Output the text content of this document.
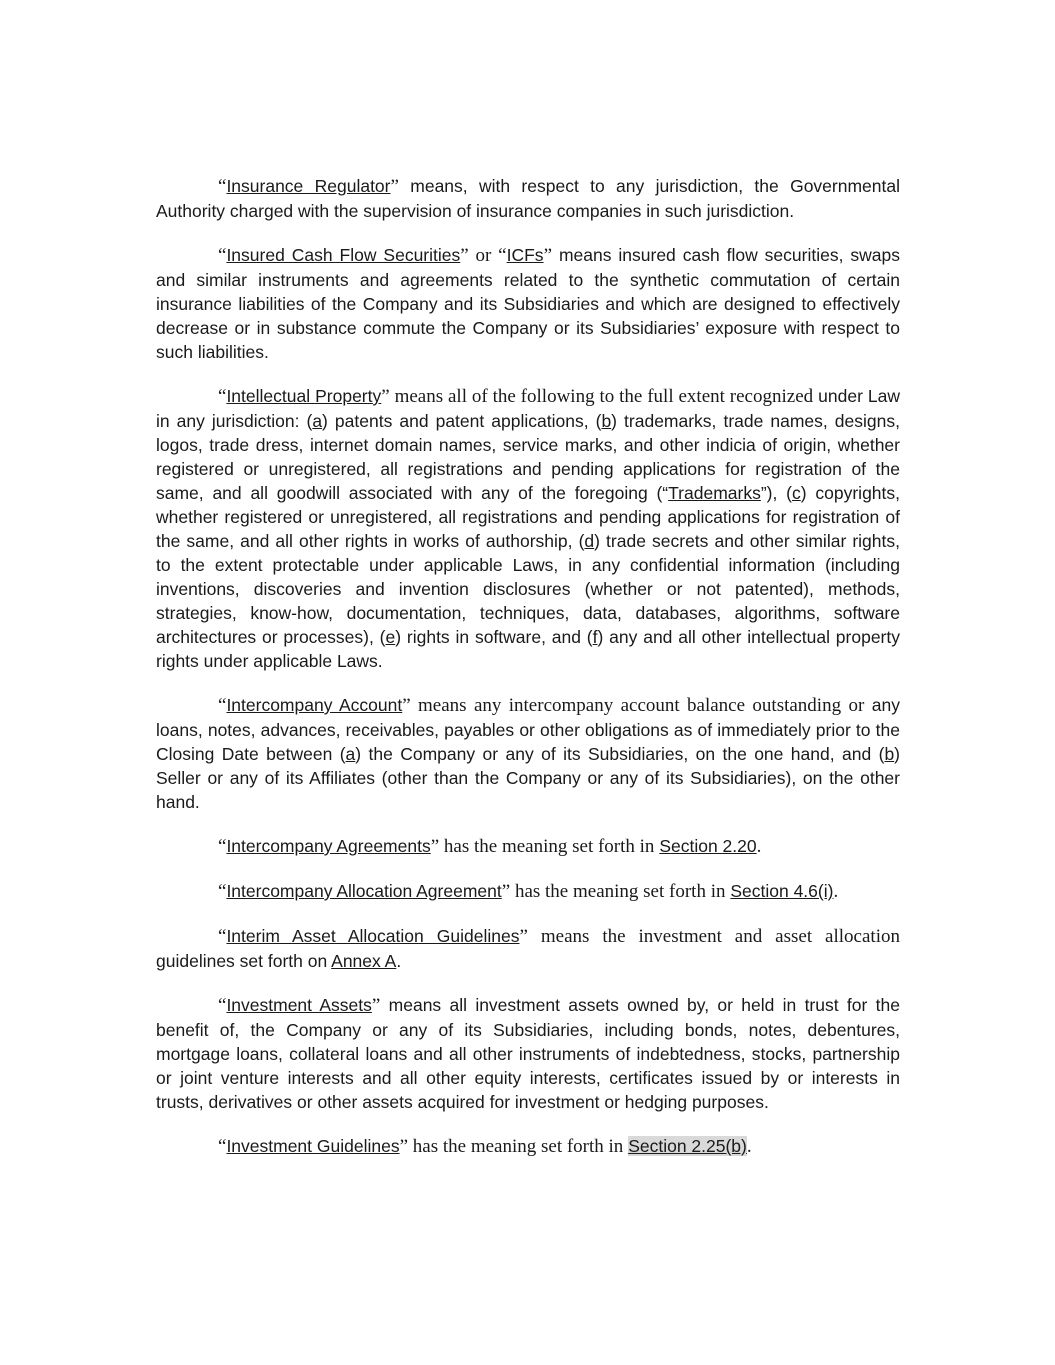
“Insurance Regulator” means, with respect to any jurisdiction, the Governmental Authority charged with the supervision of insurance companies in such jurisdiction.

“Insured Cash Flow Securities” or “ICFs” means insured cash flow securities, swaps and similar instruments and agreements related to the synthetic commutation of certain insurance liabilities of the Company and its Subsidiaries and which are designed to effectively decrease or in substance commute the Company or its Subsidiaries’ exposure with respect to such liabilities.

“Intellectual Property” means all of the following to the full extent recognized under Law in any jurisdiction: (a) patents and patent applications, (b) trademarks, trade names, designs, logos, trade dress, internet domain names, service marks, and other indicia of origin, whether registered or unregistered, all registrations and pending applications for registration of the same, and all goodwill associated with any of the foregoing (“Trademarks”), (c) copyrights, whether registered or unregistered, all registrations and pending applications for registration of the same, and all other rights in works of authorship, (d) trade secrets and other similar rights, to the extent protectable under applicable Laws, in any confidential information (including inventions, discoveries and invention disclosures (whether or not patented), methods, strategies, know-how, documentation, techniques, data, databases, algorithms, software architectures or processes), (e) rights in software, and (f) any and all other intellectual property rights under applicable Laws.

“Intercompany Account” means any intercompany account balance outstanding or any loans, notes, advances, receivables, payables or other obligations as of immediately prior to the Closing Date between (a) the Company or any of its Subsidiaries, on the one hand, and (b) Seller or any of its Affiliates (other than the Company or any of its Subsidiaries), on the other hand.

“Intercompany Agreements” has the meaning set forth in Section 2.20.

“Intercompany Allocation Agreement” has the meaning set forth in Section 4.6(i).

“Interim Asset Allocation Guidelines” means the investment and asset allocation guidelines set forth on Annex A.

“Investment Assets” means all investment assets owned by, or held in trust for the benefit of, the Company or any of its Subsidiaries, including bonds, notes, debentures, mortgage loans, collateral loans and all other instruments of indebtedness, stocks, partnership or joint venture interests and all other equity interests, certificates issued by or interests in trusts, derivatives or other assets acquired for investment or hedging purposes.

“Investment Guidelines” has the meaning set forth in Section 2.25(b).
